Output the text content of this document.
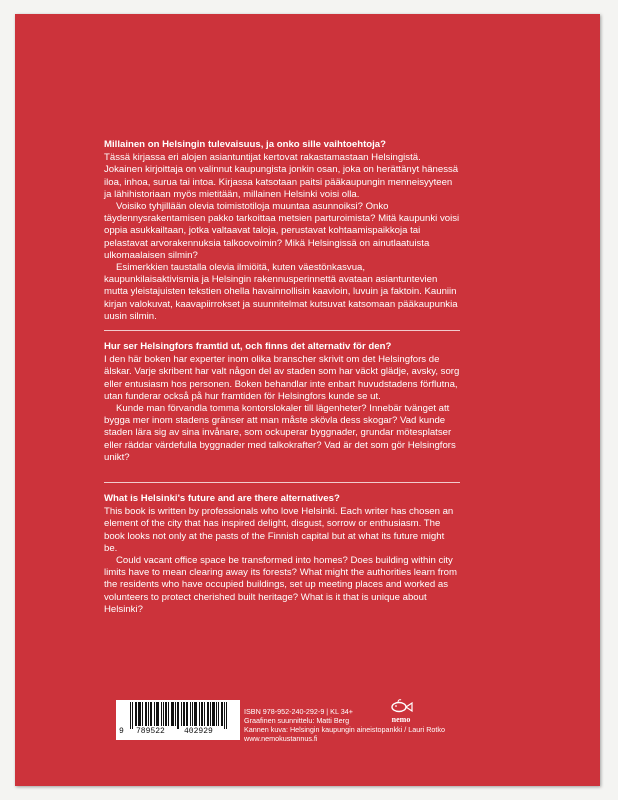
Millainen on Helsingin tulevaisuus, ja onko sille vaihtoehtoja?

Tässä kirjassa eri alojen asiantuntijat kertovat rakastamastaan Helsingistä. Jokainen kirjoittaja on valinnut kaupungista jonkin osan, joka on herättänyt hänessä iloa, inhoa, surua tai intoa. Kirjassa katsotaan paitsi pääkaupungin menneisyyteen ja lähihistoriaan myös mietitään, millainen Helsinki voisi olla.

Voisiko tyhjillään olevia toimistotiloja muuntaa asunnoiksi? Onko täydennysrakentamisen pakko tarkoittaa metsien parturoimista? Mitä kaupunki voisi oppia asukkailtaan, jotka valtaavat taloja, perustavat kohtaamispaikkoja tai pelastavat arvorakennuksia talkoovoimin? Mikä Helsingissä on ainutlaatuista ulkomaalaisen silmin?

Esimerkkien taustalla olevia ilmiöitä, kuten väestönkasvua, kaupunkilaisaktivismia ja Helsingin rakennusperinnettä avataan asiantuntevien mutta yleistajuisten tekstien ohella havainnollisin kaavioin, luvuin ja faktoin. Kauniin kirjan valokuvat, kaavapiirrokset ja suunnitelmat kutsuvat katsomaan pääkaupunkia uusin silmin.

Hur ser Helsingfors framtid ut, och finns det alternativ för den?

I den här boken har experter inom olika branscher skrivit om det Helsingfors de älskar. Varje skribent har valt någon del av staden som har väckt glädje, avsky, sorg eller entusiasm hos personen. Boken behandlar inte enbart huvudstadens förflutna, utan funderar också på hur framtiden för Helsingfors kunde se ut.

Kunde man förvandla tomma kontorslokaler till lägenheter? Innebär tvänget att bygga mer inom stadens gränser att man måste skövla dess skogar? Vad kunde staden lära sig av sina invånare, som ockuperar byggnader, grundar mötesplatser eller räddar värdefulla byggnader med talkokrafter? Vad är det som gör Helsingfors unikt?

What is Helsinki's future and are there alternatives?

This book is written by professionals who love Helsinki. Each writer has chosen an element of the city that has inspired delight, disgust, sorrow or enthusiasm. The book looks not only at the pasts of the Finnish capital but at what its future might be.

Could vacant office space be transformed into homes? Does building within city limits have to mean clearing away its forests? What might the authorities learn from the residents who have occupied buildings, set up meeting places and worked as volunteers to protect cherished built heritage? What is it that is unique about Helsinki?

9 789522 402929
nemo
ISBN 978-952-240-292-9 | KL 34+
Graafinen suunnittelu: Matti Berg
Kannen kuva: Helsingin kaupungin aineistopankki / Lauri Rotko
www.nemokustannus.fi
